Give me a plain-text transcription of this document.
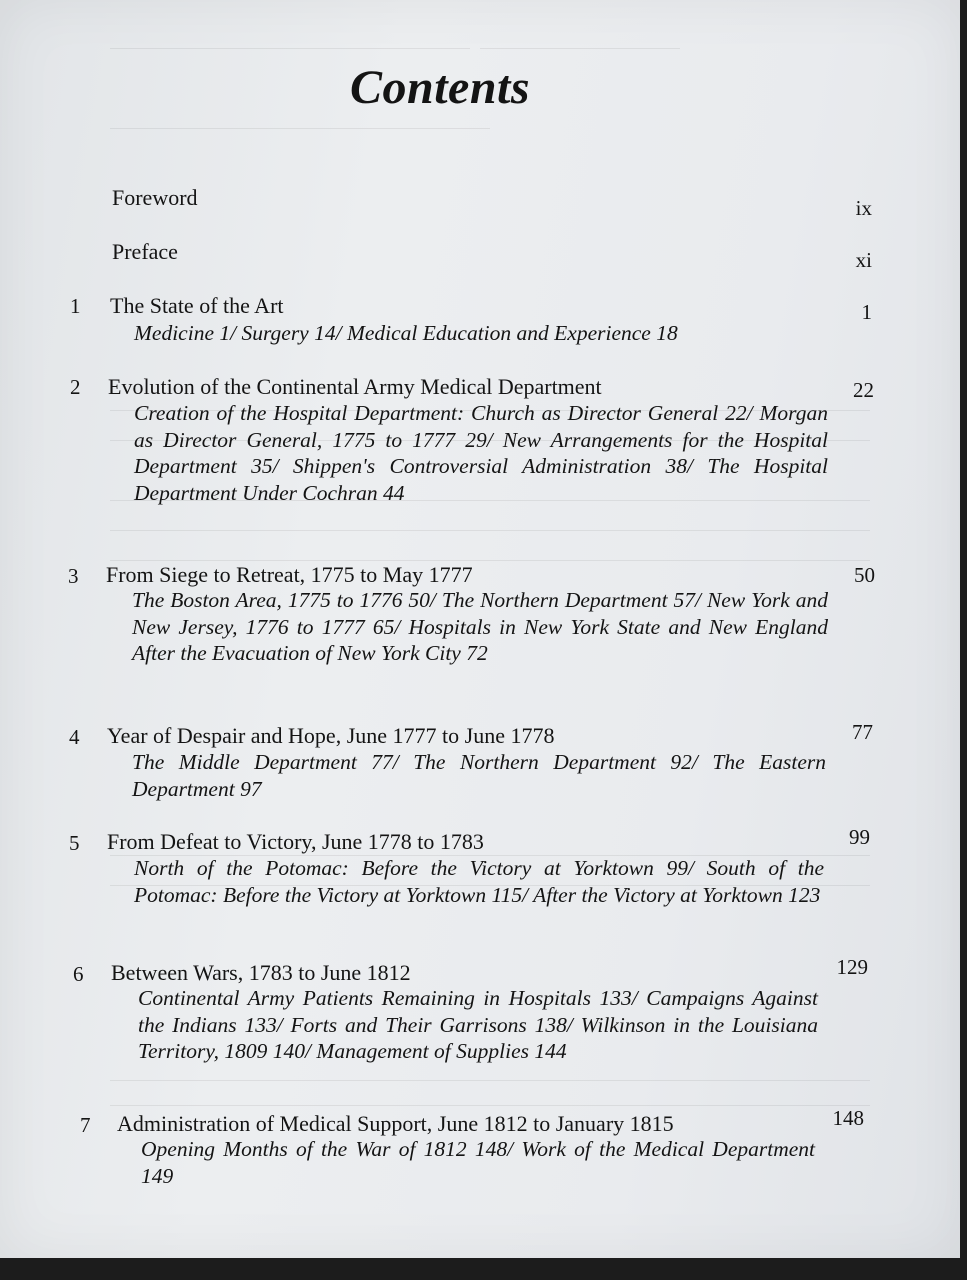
Contents

Foreword	ix

Preface	xi
1 The State of the Art	1

Medicine 1/ Surgery 14/ Medical Education and Experience 18

2 Evolution of the Continental Army Medical Department	22

Creation of the Hospital Department: Church as Director General 22/ Morgan as Director General, 1775 to 1777 29/ New Arrangements for the Hospital Department 35/ Shippen's Controversial Administration 38/ The Hospital Department Under Cochran 44

3 From Siege to Retreat, 1775 to May 1777	50

The Boston Area, 1775 to 1776 50/ The Northern Department 57/ New York and New Jersey, 1776 to 1777 65/ Hospitals in New York State and New England After the Evacuation of New York City 72

4 Year of Despair and Hope, June 1777 to June 1778	77

The Middle Department 77/ The Northern Department 92/ The Eastern Department 97

5 From Defeat to Victory, June 1778 to 1783	99

North of the Potomac: Before the Victory at Yorktown 99/ South of the Potomac: Before the Victory at Yorktown 115/ After the Victory at Yorktown 123

6 Between Wars, 1783 to June 1812	129

Continental Army Patients Remaining in Hospitals 133/ Campaigns Against the Indians 133/ Forts and Their Garrisons 138/ Wilkinson in the Louisiana Territory, 1809 140/ Management of Supplies 144

7 Administration of Medical Support, June 1812 to January 1815	148

Opening Months of the War of 1812 148/ Work of the Medical Department 149
